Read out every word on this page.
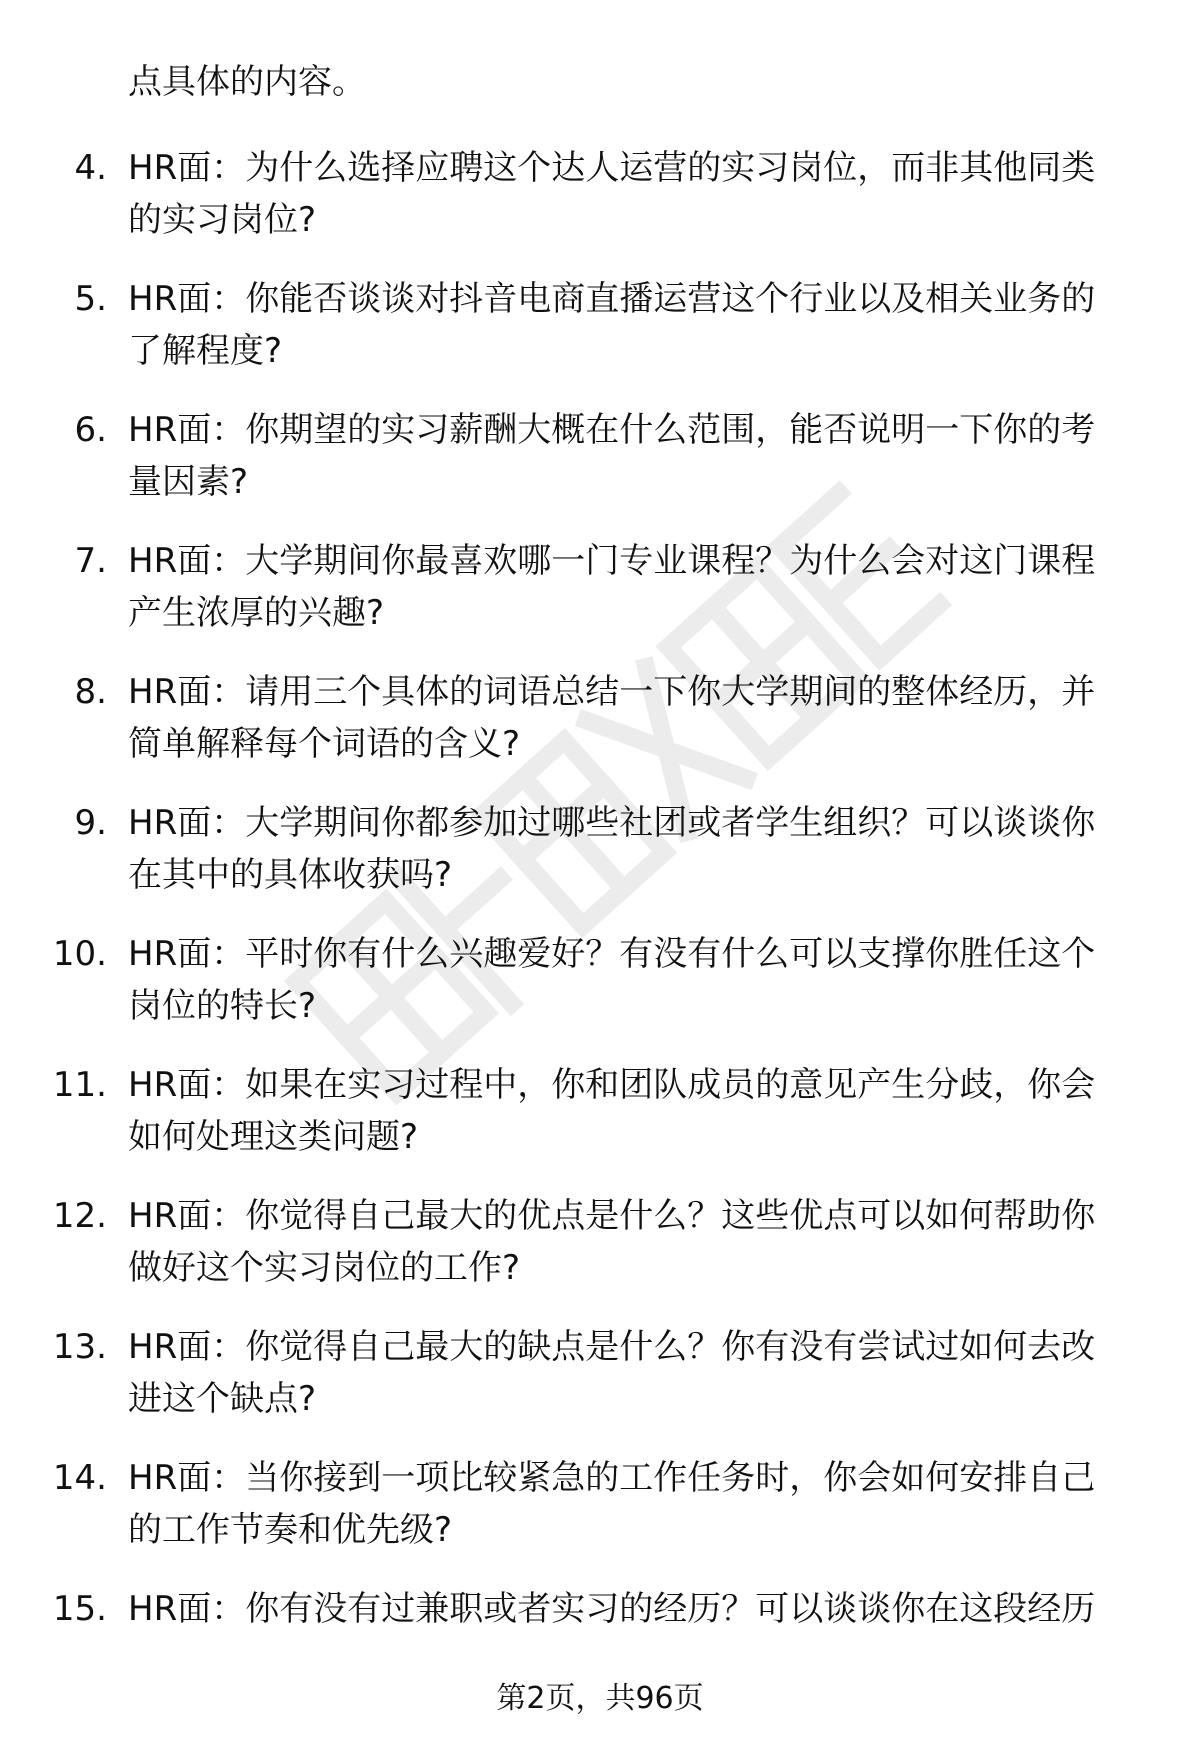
点具体的内容。
4. HR面：为什么选择应聘这个达人运营的实习岗位，而非其他同类
的实习岗位?
5. HR面：你能否谈谈对抖音电商直播运营这个行业以及相关业务的
了解程度?
6. HR面：你期望的实习薪酬大概在什么范围，能否说明一下你的考
量因素?
7. HR面：大学期间你最喜欢哪一门专业课程？为什么会对这门课程
产生浓厚的兴趣?
8. HR面：请用三个具体的词语总结一下你大学期间的整体经历，并
简单解释每个词语的含义?
9. HR面：大学期间你都参加过哪些社团或者学生组织？可以谈谈你
在其中的具体收获吗?
10. HR面：平时你有什么兴趣爱好？有没有什么可以支撑你胜任这个
岗位的特长?
11. HR面：如果在实习过程中，你和团队成员的意见产生分歧，你会
如何处理这类问题?
12. HR面：你觉得自己最大的优点是什么？这些优点可以如何帮助你
做好这个实习岗位的工作?
13. HR面：你觉得自己最大的缺点是什么？你有没有尝试过如何去改
进这个缺点?
14. HR面：当你接到一项比较紧急的工作任务时，你会如何安排自己
的工作节奏和优先级?
15. HR面：你有没有过兼职或者实习的经历？可以谈谈你在这段经历
第2页，共96页
